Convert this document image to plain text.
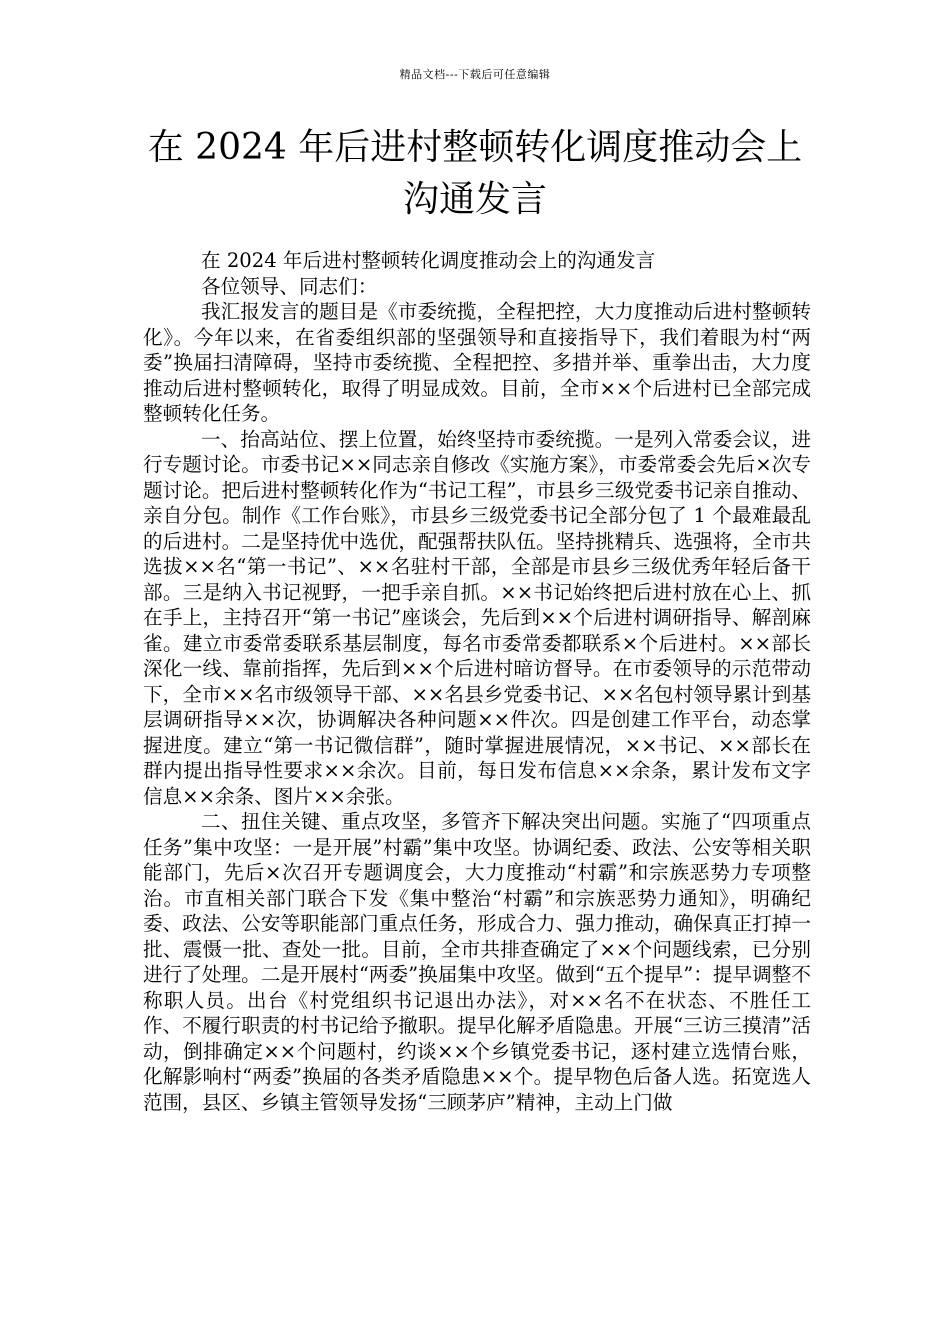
精品文档---下载后可任意编辑
在 2024 年后进村整顿转化调度推动会上沟通发言

在 2024 年后进村整顿转化调度推动会上的沟通发言

各位领导、同志们：

我汇报发言的题目是《市委统揽，全程把控，大力度推动后进村整顿转化》。今年以来，在省委组织部的坚强领导和直接指导下，我们着眼为村“两委”换届扫清障碍，坚持市委统揽、全程把控、多措并举、重拳出击，大力度推动后进村整顿转化，取得了明显成效。目前，全市××个后进村已全部完成整顿转化任务。

一、抬高站位、摆上位置，始终坚持市委统揽。一是列入常委会议，进行专题讨论。市委书记××同志亲自修改《实施方案》，市委常委会先后×次专题讨论。把后进村整顿转化作为“书记工程”，市县乡三级党委书记亲自推动、亲自分包。制作《工作台账》，市县乡三级党委书记全部分包了 1 个最难最乱的后进村。二是坚持优中选优，配强帮扶队伍。坚持挑精兵、选强将，全市共选拔××名“第一书记”、××名驻村干部，全部是市县乡三级优秀年轻后备干部。三是纳入书记视野，一把手亲自抓。××书记始终把后进村放在心上、抓在手上，主持召开“第一书记”座谈会，先后到××个后进村调研指导、解剖麻雀。建立市委常委联系基层制度，每名市委常委都联系×个后进村。××部长深化一线、靠前指挥，先后到××个后进村暗访督导。在市委领导的示范带动下，全市××名市级领导干部、××名县乡党委书记、××名包村领导累计到基层调研指导××次，协调解决各种问题××件次。四是创建工作平台，动态掌握进度。建立“第一书记微信群”，随时掌握进展情况，××书记、××部长在群内提出指导性要求××余次。目前，每日发布信息××余条，累计发布文字信息××余条、图片××余张。

二、扭住关键、重点攻坚，多管齐下解决突出问题。实施了“四项重点任务”集中攻坚：一是开展”村霸”集中攻坚。协调纪委、政法、公安等相关职能部门，先后×次召开专题调度会，大力度推动“村霸”和宗族恶势力专项整治。市直相关部门联合下发《集中整治“村霸”和宗族恶势力通知》，明确纪委、政法、公安等职能部门重点任务，形成合力、强力推动，确保真正打掉一批、震慑一批、查处一批。目前，全市共排查确定了××个问题线索，已分别进行了处理。二是开展村“两委”换届集中攻坚。做到“五个提早”：提早调整不称职人员。出台《村党组织书记退出办法》，对××名不在状态、不胜任工作、不履行职责的村书记给予撤职。提早化解矛盾隐患。开展“三访三摸清”活动，倒排确定××个问题村，约谈××个乡镇党委书记，逐村建立选情台账，化解影响村“两委”换届的各类矛盾隐患××个。提早物色后备人选。拓宽选人范围，县区、乡镇主管领导发扬“三顾茅庐”精神，主动上门做
